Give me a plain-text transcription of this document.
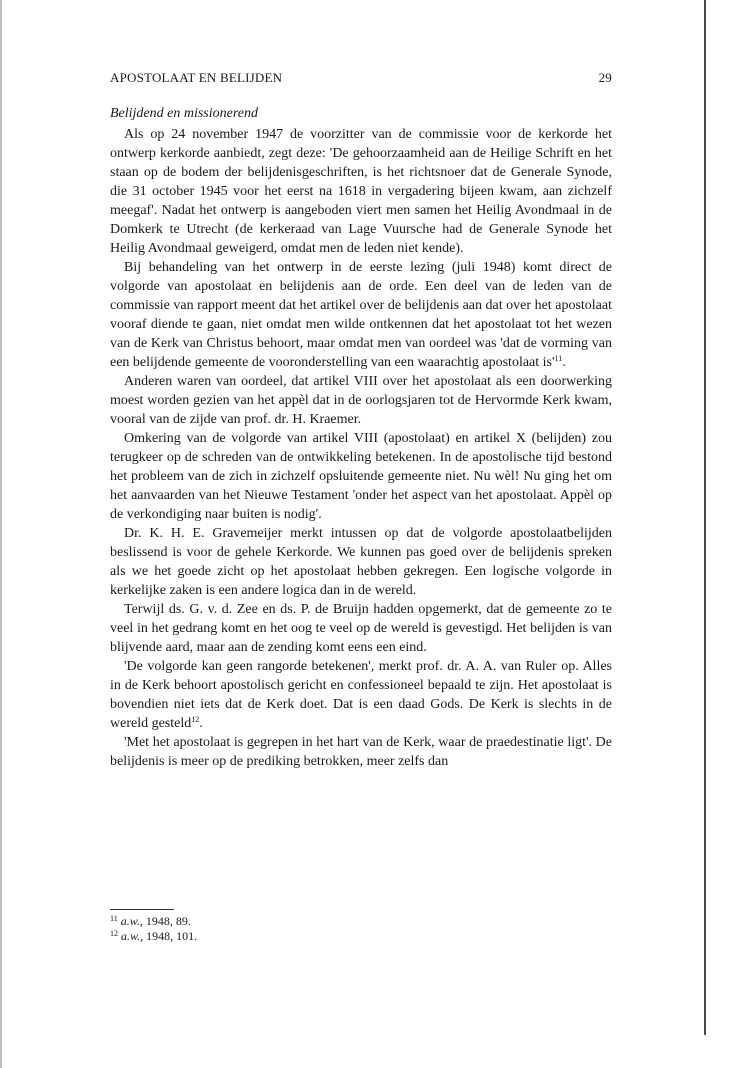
APOSTOLAAT EN BELIJDEN	29
Belijdend en missionerend

Als op 24 november 1947 de voorzitter van de commissie voor de kerkorde het ontwerp kerkorde aanbiedt, zegt deze: 'De gehoorzaamheid aan de Heilige Schrift en het staan op de bodem der belijdenisgeschriften, is het richtsnoer dat de Generale Synode, die 31 october 1945 voor het eerst na 1618 in vergadering bijeen kwam, aan zichzelf meegaf'. Nadat het ontwerp is aangeboden viert men samen het Heilig Avondmaal in de Domkerk te Utrecht (de kerkeraad van Lage Vuursche had de Generale Synode het Heilig Avondmaal geweigerd, omdat men de leden niet kende).

Bij behandeling van het ontwerp in de eerste lezing (juli 1948) komt direct de volgorde van apostolaat en belijdenis aan de orde. Een deel van de leden van de commissie van rapport meent dat het artikel over de belijdenis aan dat over het apostolaat vooraf diende te gaan, niet omdat men wilde ontkennen dat het apostolaat tot het wezen van de Kerk van Christus behoort, maar omdat men van oordeel was 'dat de vorming van een belijdende gemeente de vooronderstelling van een waarachtig apostolaat is'$^{11}$.

Anderen waren van oordeel, dat artikel VIII over het apostolaat als een doorwerking moest worden gezien van het appèl dat in de oorlogsjaren tot de Hervormde Kerk kwam, vooral van de zijde van prof. dr. H. Kraemer.

Omkering van de volgorde van artikel VIII (apostolaat) en artikel X (belijden) zou terugkeer op de schreden van de ontwikkeling betekenen. In de apostolische tijd bestond het probleem van de zich in zichzelf opsluitende gemeente niet. Nu wèl! Nu ging het om het aanvaarden van het Nieuwe Testament 'onder het aspect van het apostolaat. Appèl op de verkondiging naar buiten is nodig'.

Dr. K. H. E. Gravemeijer merkt intussen op dat de volgorde apostolaatbelijden beslissend is voor de gehele Kerkorde. We kunnen pas goed over de belijdenis spreken als we het goede zicht op het apostolaat hebben gekregen. Een logische volgorde in kerkelijke zaken is een andere logica dan in de wereld.

Terwijl ds. G. v. d. Zee en ds. P. de Bruijn hadden opgemerkt, dat de gemeente zo te veel in het gedrang komt en het oog te veel op de wereld is gevestigd. Het belijden is van blijvende aard, maar aan de zending komt eens een eind.

'De volgorde kan geen rangorde betekenen', merkt prof. dr. A. A. van Ruler op. Alles in de Kerk behoort apostolisch gericht en confessioneel bepaald te zijn. Het apostolaat is bovendien niet iets dat de Kerk doet. Dat is een daad Gods. De Kerk is slechts in de wereld gesteld$^{12}$.

'Met het apostolaat is gegrepen in het hart van de Kerk, waar de praedestinatie ligt'. De belijdenis is meer op de prediking betrokken, meer zelfs dan

$^{11}$ a.w., 1948, 89.
$^{12}$ a.w., 1948, 101.
